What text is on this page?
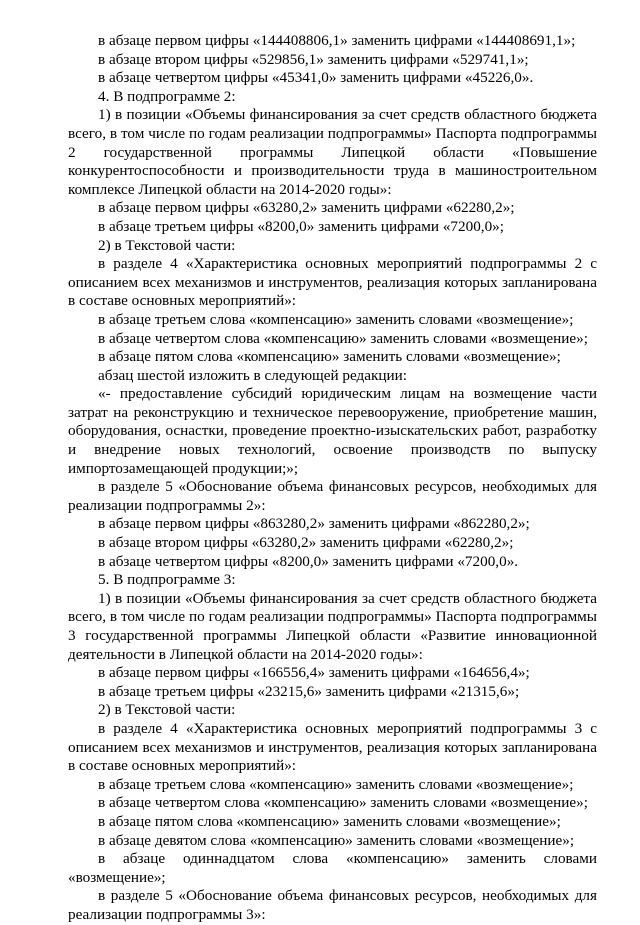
в абзаце первом цифры «144408806,1» заменить цифрами «144408691,1»;

в абзаце втором цифры «529856,1» заменить цифрами «529741,1»;

в абзаце четвертом цифры «45341,0» заменить цифрами «45226,0».

4. В подпрограмме 2:

1) в позиции «Объемы финансирования за счет средств областного бюджета всего, в том числе по годам реализации подпрограммы» Паспорта подпрограммы 2 государственной программы Липецкой области «Повышение конкурентоспособности и производительности труда в машиностроительном комплексе Липецкой области на 2014-2020 годы»:

в абзаце первом цифры «63280,2» заменить цифрами «62280,2»;

в абзаце третьем цифры «8200,0» заменить цифрами «7200,0»;

2) в Текстовой части:

в разделе 4 «Характеристика основных мероприятий подпрограммы 2 с описанием всех механизмов и инструментов, реализация которых запланирована в составе основных мероприятий»:

в абзаце третьем слова «компенсацию» заменить словами «возмещение»;

в абзаце четвертом слова «компенсацию» заменить словами «возмещение»;

в абзаце пятом слова «компенсацию» заменить словами «возмещение»;

абзац шестой изложить в следующей редакции:

«- предоставление субсидий юридическим лицам на возмещение части затрат на реконструкцию и техническое перевооружение, приобретение машин, оборудования, оснастки, проведение проектно-изыскательских работ, разработку и внедрение новых технологий, освоение производств по выпуску импортозамещающей продукции;»;

в разделе 5 «Обоснование объема финансовых ресурсов, необходимых для реализации подпрограммы 2»:

в абзаце первом цифры «863280,2» заменить цифрами «862280,2»;

в абзаце втором цифры «63280,2» заменить цифрами «62280,2»;

в абзаце четвертом цифры «8200,0» заменить цифрами «7200,0».

5. В подпрограмме 3:

1) в позиции «Объемы финансирования за счет средств областного бюджета всего, в том числе по годам реализации подпрограммы» Паспорта подпрограммы 3 государственной программы Липецкой области «Развитие инновационной деятельности в Липецкой области на 2014-2020 годы»:

в абзаце первом цифры «166556,4» заменить цифрами «164656,4»;

в абзаце третьем цифры «23215,6» заменить цифрами «21315,6»;

2) в Текстовой части:

в разделе 4 «Характеристика основных мероприятий подпрограммы 3 с описанием всех механизмов и инструментов, реализация которых запланирована в составе основных мероприятий»:

в абзаце третьем слова «компенсацию» заменить словами «возмещение»;

в абзаце четвертом слова «компенсацию» заменить словами «возмещение»;

в абзаце пятом слова «компенсацию» заменить словами «возмещение»;

в абзаце девятом слова «компенсацию» заменить словами «возмещение»;

в абзаце одиннадцатом слова «компенсацию» заменить словами «возмещение»;

в разделе 5 «Обоснование объема финансовых ресурсов, необходимых для реализации подпрограммы 3»:
